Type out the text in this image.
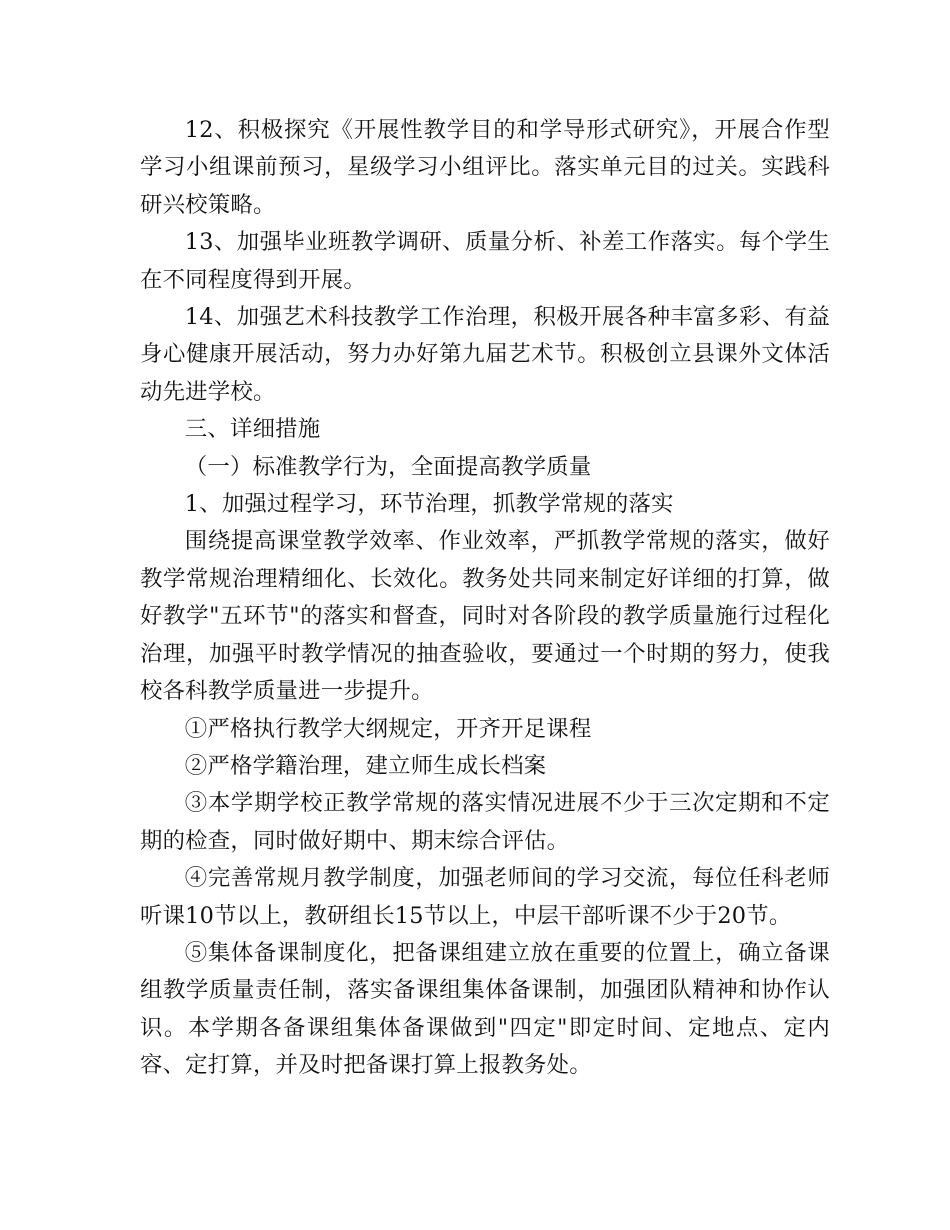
12、积极探究《开展性教学目的和学导形式研究》，开展合作型学习小组课前预习，星级学习小组评比。落实单元目的过关。实践科研兴校策略。

13、加强毕业班教学调研、质量分析、补差工作落实。每个学生在不同程度得到开展。

14、加强艺术科技教学工作治理，积极开展各种丰富多彩、有益身心健康开展活动，努力办好第九届艺术节。积极创立县课外文体活动先进学校。

三、详细措施

（一）标准教学行为，全面提高教学质量

1、加强过程学习，环节治理，抓教学常规的落实

围绕提高课堂教学效率、作业效率，严抓教学常规的落实，做好教学常规治理精细化、长效化。教务处共同来制定好详细的打算，做好教学"五环节"的落实和督查，同时对各阶段的教学质量施行过程化治理，加强平时教学情况的抽查验收，要通过一个时期的努力，使我校各科教学质量进一步提升。

①严格执行教学大纲规定，开齐开足课程

②严格学籍治理，建立师生成长档案

③本学期学校正教学常规的落实情况进展不少于三次定期和不定期的检查，同时做好期中、期末综合评估。

④完善常规月教学制度，加强老师间的学习交流，每位任科老师听课10节以上，教研组长15节以上，中层干部听课不少于20节。

⑤集体备课制度化，把备课组建立放在重要的位置上，确立备课组教学质量责任制，落实备课组集体备课制，加强团队精神和协作认识。本学期各备课组集体备课做到"四定"即定时间、定地点、定内容、定打算，并及时把备课打算上报教务处。
